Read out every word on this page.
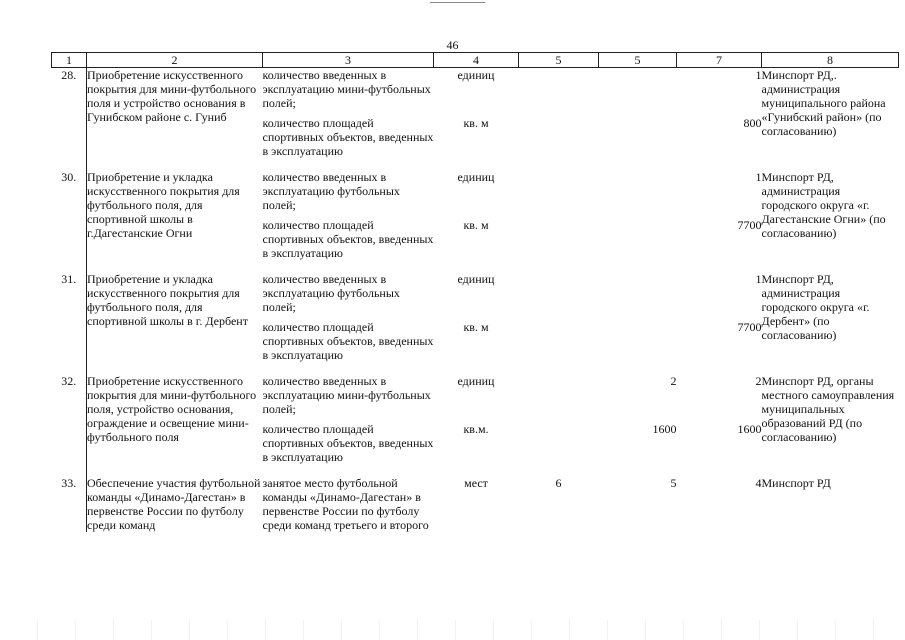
46
1	2	3	4	5	5	7	8
28.	Приобретение искусственного покрытия для мини-футбольного поля и устройство основания в Гунибском районе с. Гуниб	количество введенных в эксплуатацию мини-футбольных полей;	единиц			1	Минспорт РД,. администрация муниципального района «Гунибский район» (по согласованию)
		количество площадей спортивных объектов, введенных в эксплуатацию	кв. м			800	

30.	Приобретение и укладка искусственного покрытия для футбольного поля, для спортивной школы в г.Дагестанские Огни	количество введенных в эксплуатацию футбольных полей;	единиц			1	Минспорт РД, администрация городского округа «г. Дагестанские Огни» (по согласованию)
		количество площадей спортивных объектов, введенных в эксплуатацию	кв. м			7700	

31.	Приобретение и укладка искусственного покрытия для футбольного поля, для спортивной школы в г. Дербент	количество введенных в эксплуатацию футбольных полей;	единиц			1	Минспорт РД, администрация городского округа «г. Дербент» (по согласованию)
		количество площадей спортивных объектов, введенных в эксплуатацию	кв. м			7700	

32.	Приобретение искусственного покрытия для мини-футбольного поля, устройство основания, ограждение и освещение мини-футбольного поля	количество введенных в эксплуатацию мини-футбольных полей;	единиц		2	2	Минспорт РД, органы местного самоуправления муниципальных образований РД (по согласованию)
		количество площадей спортивных объектов, введенных в эксплуатацию	кв.м.		1600	1600	

33.	Обеспечение участия футбольной команды «Динамо-Дагестан» в первенстве России по футболу среди команд	занятое место футбольной команды «Динамо-Дагестан» в первенстве России по футболу среди команд третьего и второго	мест	6	5	4	Минспорт РД
